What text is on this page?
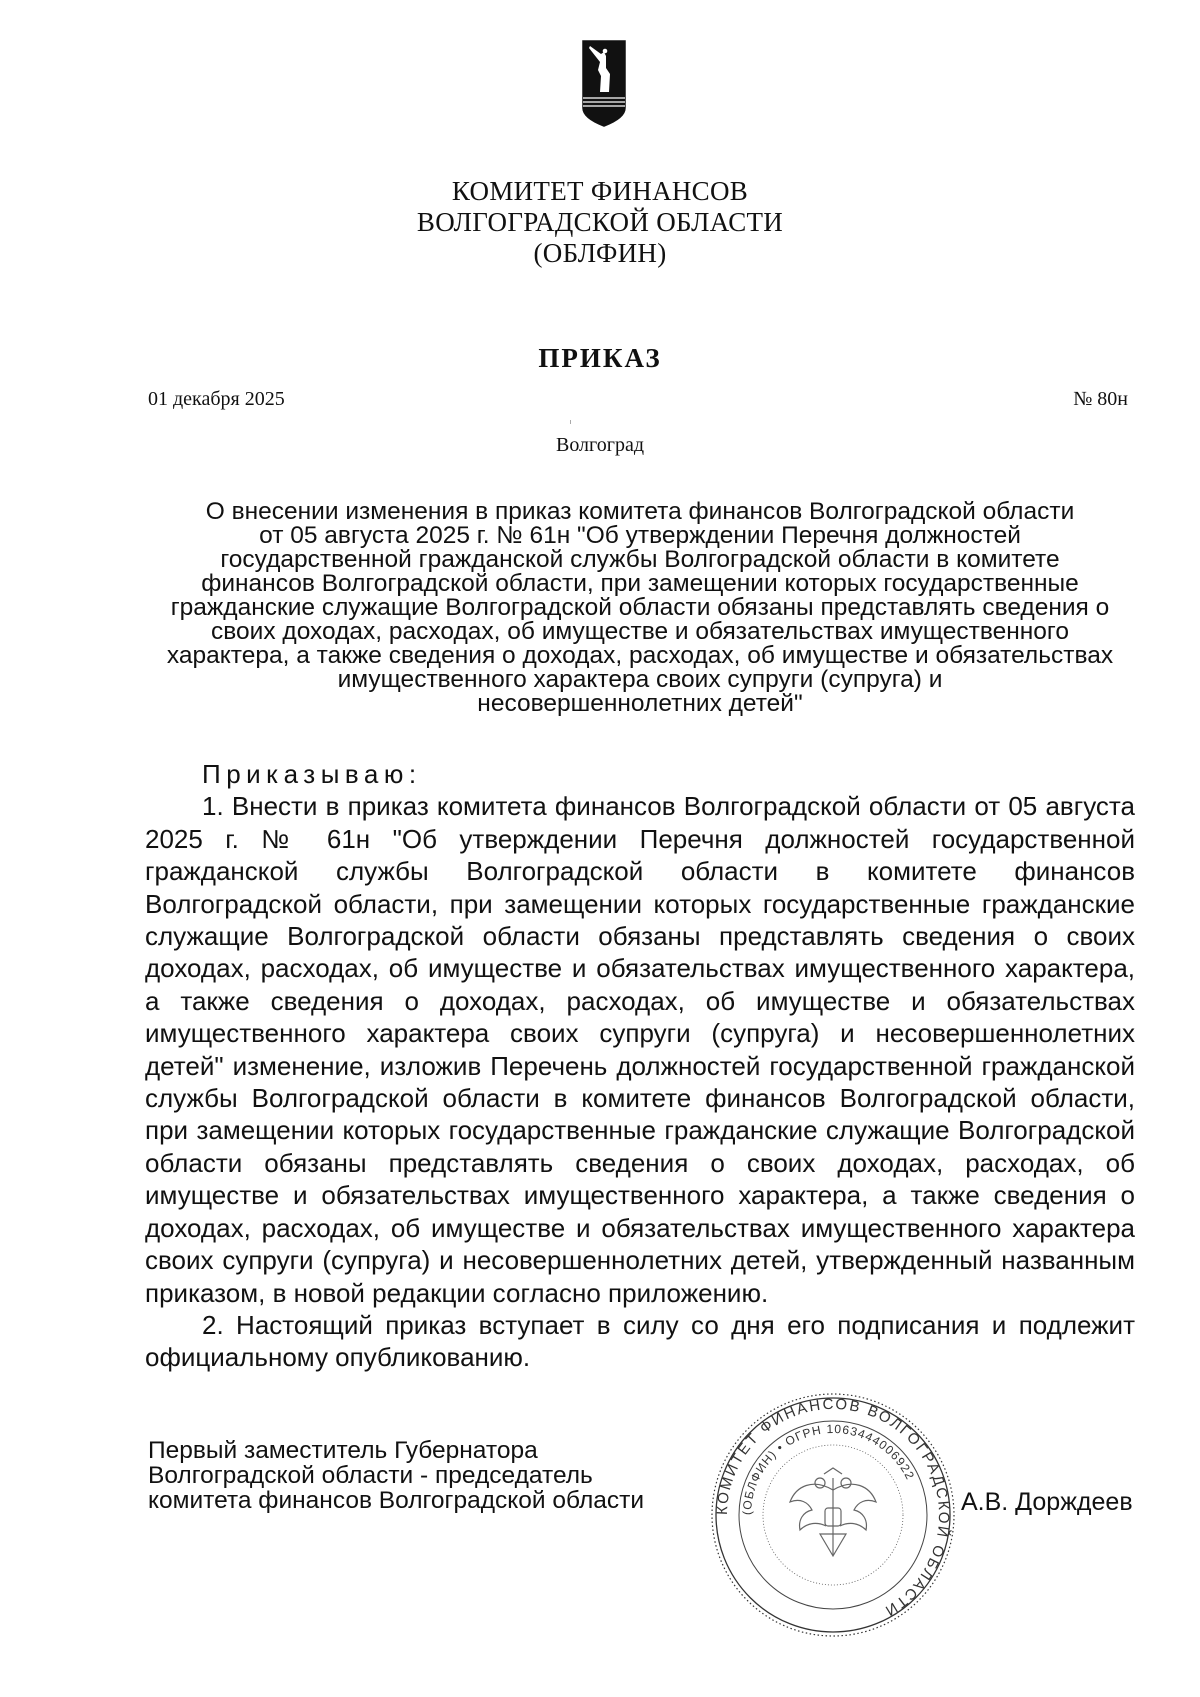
КОМИТЕТ ФИНАНСОВ
ВОЛГОГРАДСКОЙ ОБЛАСТИ
(ОБЛФИН)
ПРИКАЗ
01 декабря 2025	№ 80н
Волгоград
О внесении изменения в приказ комитета финансов Волгоградской области
от 05 августа 2025 г. № 61н "Об утверждении Перечня должностей
государственной гражданской службы Волгоградской области в комитете
финансов Волгоградской области, при замещении которых государственные
гражданские служащие Волгоградской области обязаны представлять сведения о
своих доходах, расходах, об имуществе и обязательствах имущественного
характера, а также сведения о доходах, расходах, об имуществе и обязательствах
имущественного характера своих супруги (супруга) и
несовершеннолетних детей"
Приказываю:

1. Внести в приказ комитета финансов Волгоградской области от 05 августа 2025 г. № 61н "Об утверждении Перечня должностей государственной гражданской службы Волгоградской области в комитете финансов Волгоградской области, при замещении которых государственные гражданские служащие Волгоградской области обязаны представлять сведения о своих доходах, расходах, об имуществе и обязательствах имущественного характера, а также сведения о доходах, расходах, об имуществе и обязательствах имущественного характера своих супруги (супруга) и несовершеннолетних детей" изменение, изложив Перечень должностей государственной гражданской службы Волгоградской области в комитете финансов Волгоградской области, при замещении которых государственные гражданские служащие Волгоградской области обязаны представлять сведения о своих доходах, расходах, об имуществе и обязательствах имущественного характера, а также сведения о доходах, расходах, об имуществе и обязательствах имущественного характера своих супруги (супруга) и несовершеннолетних детей, утвержденный названным приказом, в новой редакции согласно приложению.

2. Настоящий приказ вступает в силу со дня его подписания и подлежит официальному опубликованию.

Первый заместитель Губернатора
Волгоградской области - председатель
комитета финансов Волгоградской области	КОМИТЕТ ФИНАНСОВ ВОЛГОГРАДСКОЙ ОБЛАСТИ
(ОБЛФИН) • ОГРН 1063444006922
А.В. Дорждеев
